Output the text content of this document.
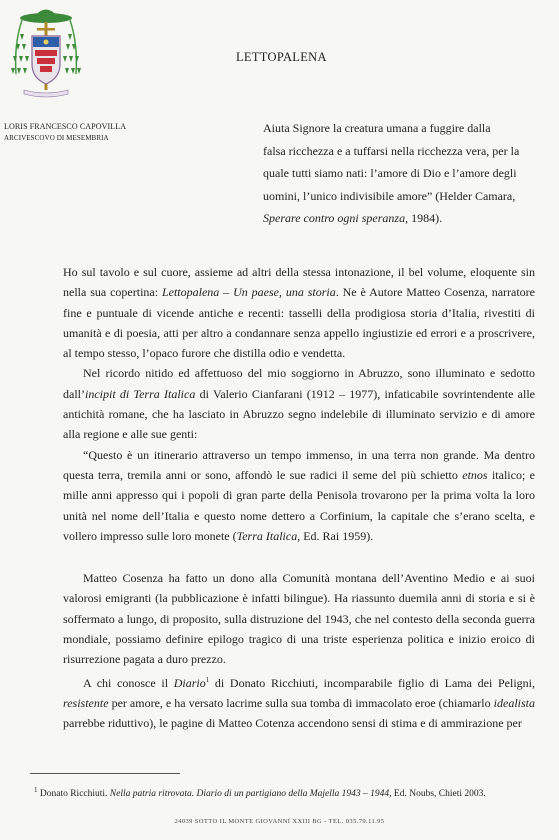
LETTOPALENA
LORIS FRANCESCO CAPOVILLA
ARCIVESCOVO DI MESEMBRIA
Aiuta Signore la creatura umana a fuggire dalla
falsa ricchezza e a tuffarsi nella ricchezza vera, per la
quale tutti siamo nati: l’amore di Dio e l’amore degli
uomini, l’unico indivisibile amore” (Helder Camara,
Sperare contro ogni speranza, 1984).

Ho sul tavolo e sul cuore, assieme ad altri della stessa intonazione, il bel volume, eloquente sin nella sua copertina: Lettopalena – Un paese, una storia. Ne è Autore Matteo Cosenza, narratore fine e puntuale di vicende antiche e recenti: tasselli della prodigiosa storia d’Italia, rivestiti di umanità e di poesia, atti per altro a condannare senza appello ingiustizie ed errori e a proscrivere, al tempo stesso, l’opaco furore che distilla odio e vendetta.

Nel ricordo nitido ed affettuoso del mio soggiorno in Abruzzo, sono illuminato e sedotto dall’incipit di Terra Italica di Valerio Cianfarani (1912 – 1977), infaticabile sovrintendente alle antichità romane, che ha lasciato in Abruzzo segno indelebile di illuminato servizio e di amore alla regione e alle sue genti:

“Questo è un itinerario attraverso un tempo immenso, in una terra non grande. Ma dentro questa terra, tremila anni or sono, affondò le sue radici il seme del più schietto etnos italico; e mille anni appresso qui i popoli di gran parte della Penisola trovarono per la prima volta la loro unità nel nome dell’Italia e questo nome dettero a Corfinium, la capitale che s’erano scelta, e vollero impresso sulle loro monete (Terra Italica, Ed. Rai 1959).

Matteo Cosenza ha fatto un dono alla Comunità montana dell’Aventino Medio e ai suoi valorosi emigranti (la pubblicazione è infatti bilingue). Ha riassunto duemila anni di storia e si è soffermato a lungo, di proposito, sulla distruzione del 1943, che nel contesto della seconda guerra mondiale, possiamo definire epilogo tragico di una triste esperienza politica e inizio eroico di risurrezione pagata a duro prezzo.

A chi conosce il Diario$^1$ di Donato Ricchiuti, incomparabile figlio di Lama dei Peligni, resistente per amore, e ha versato lacrime sulla sua tomba di immacolato eroe (chiamarlo idealista parrebbe riduttivo), le pagine di Matteo Cotenza accendono sensi di stima e di ammirazione per

$^1$ Donato Ricchiuti. Nella patria ritrovata. Diario di un partigiano della Majella 1943 – 1944, Ed. Noubs, Chieti 2003.
24039 SOTTO IL MONTE GIOVANNI XXIII BG - TEL. 035.79.11.95
